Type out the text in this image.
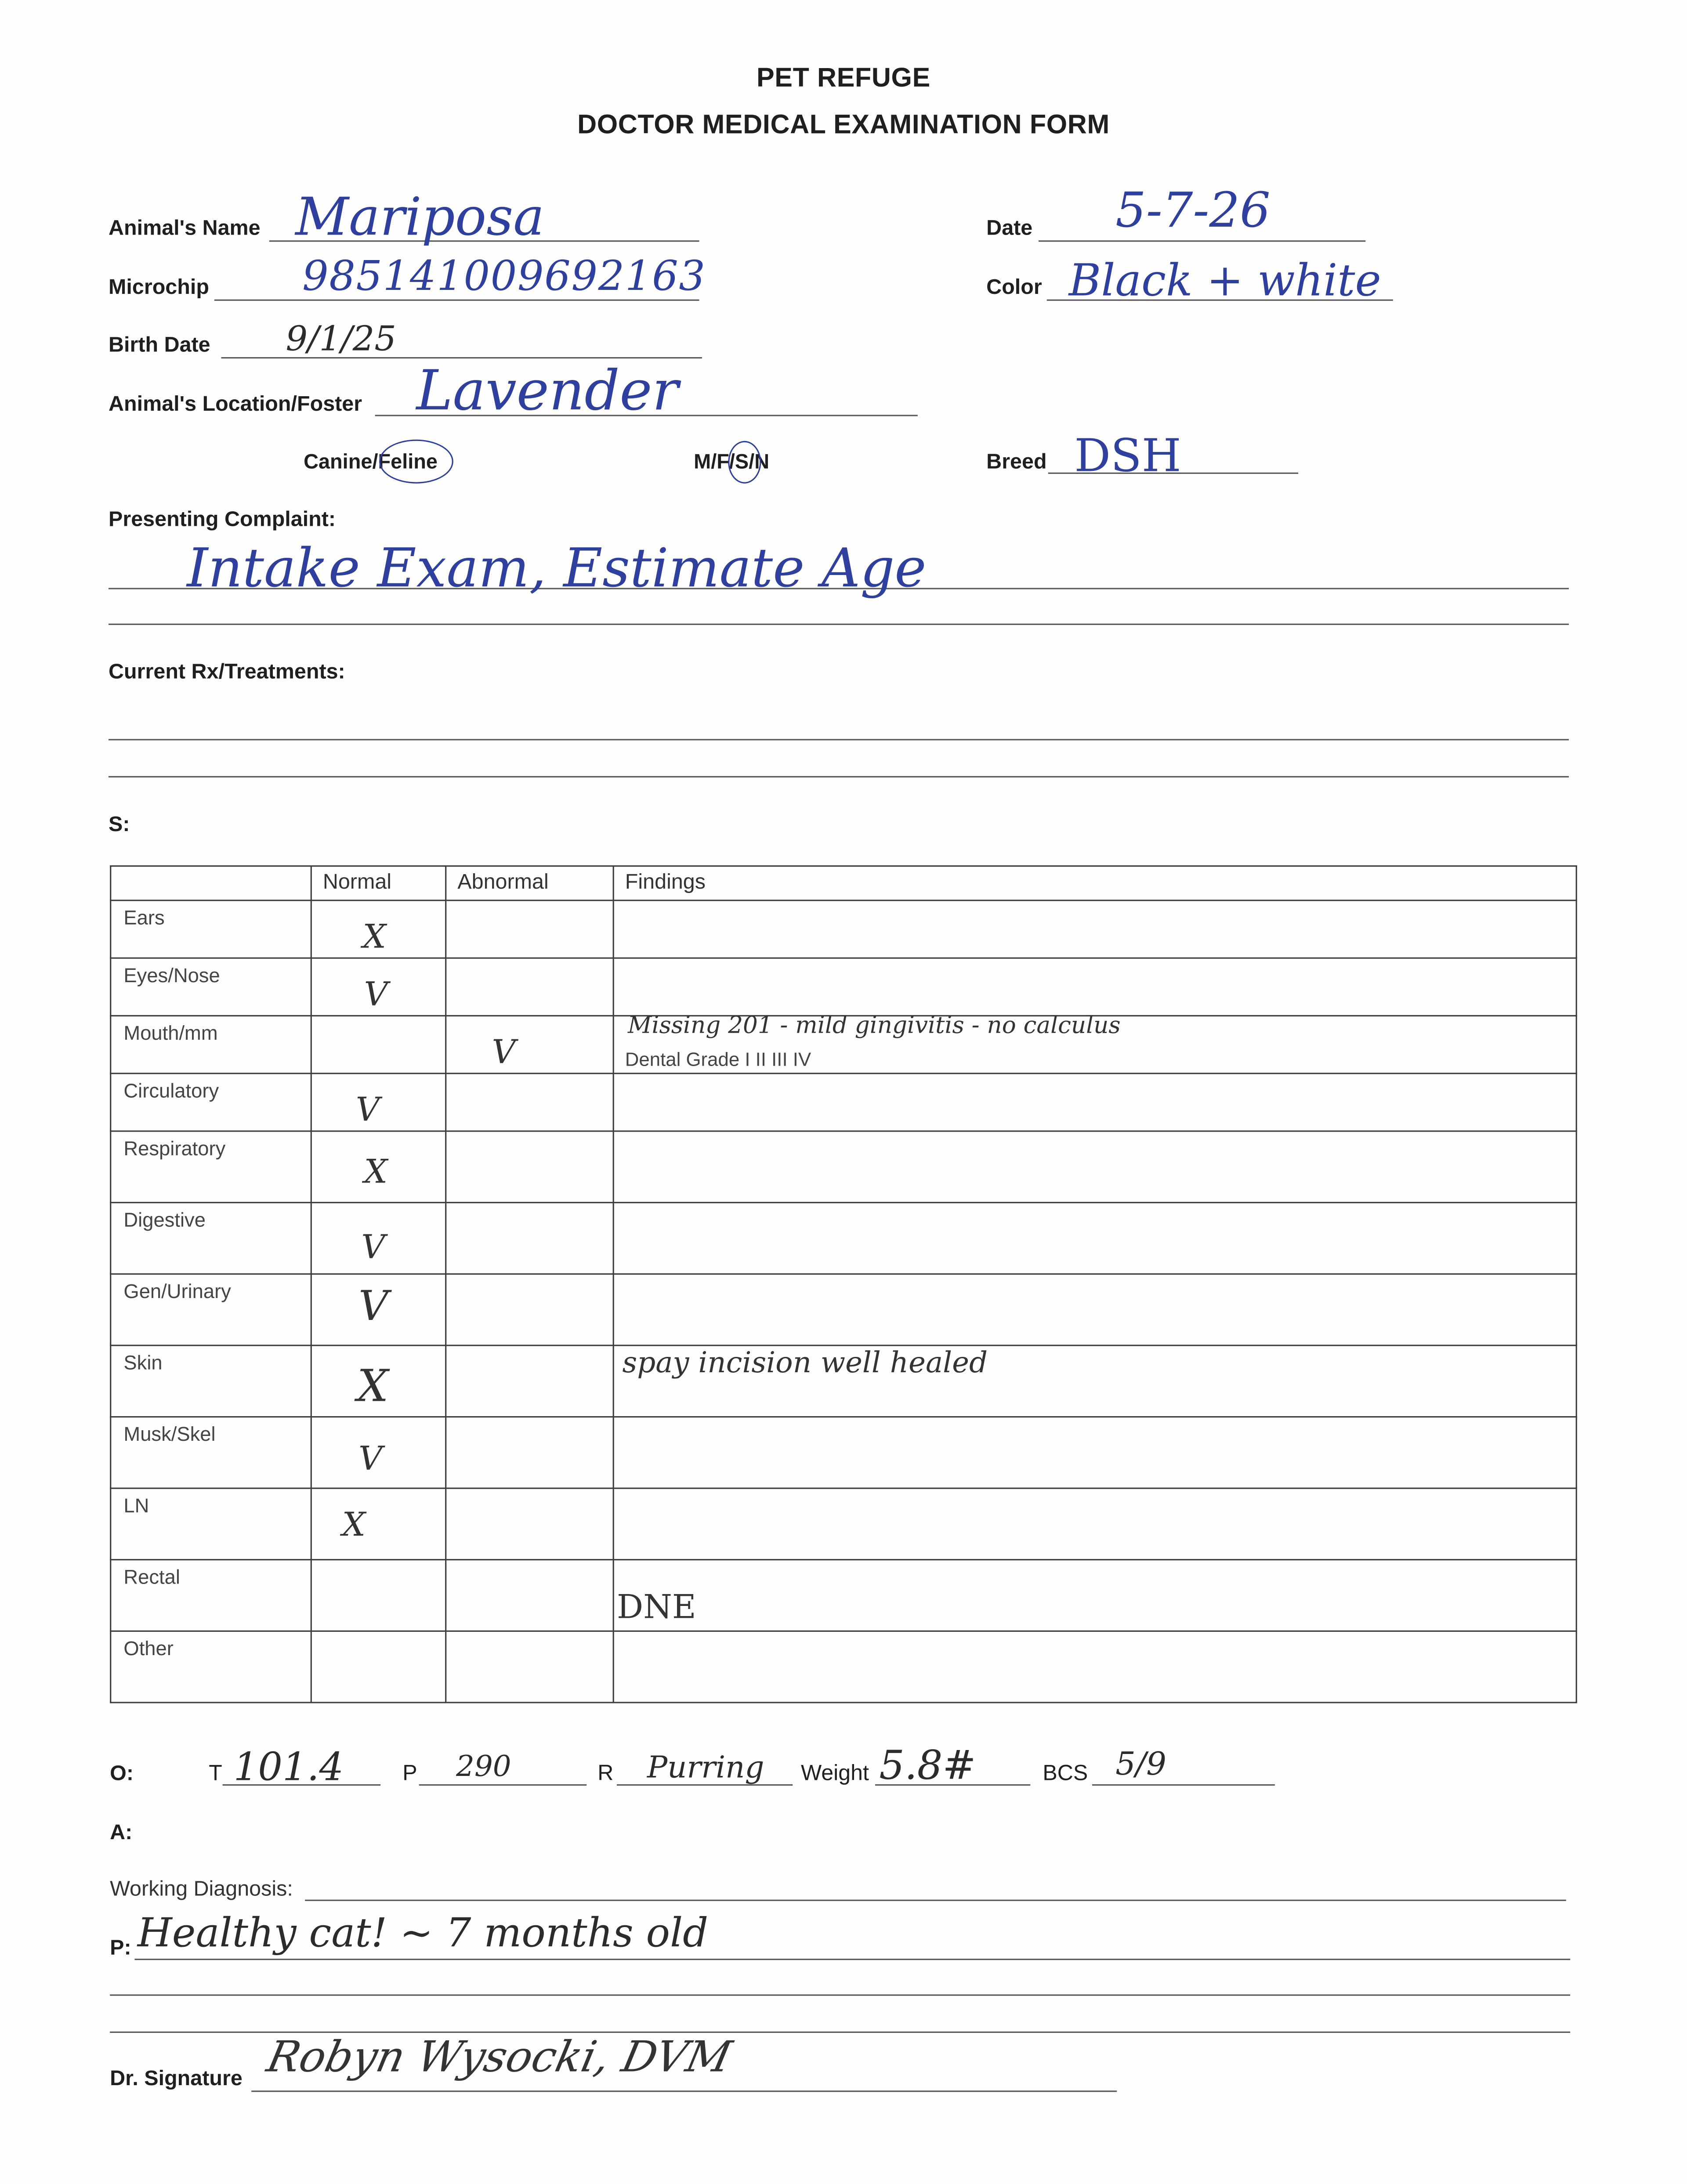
PET REFUGE
DOCTOR MEDICAL EXAMINATION FORM
Animal's Name Mariposa	Date	5-7-26
Microchip	985141009692163	Color Black + white
Birth Date	9/1/25
Animal's Location/Foster	Lavender
Canine/Feline	M/F/S/N	Breed DSH
Presenting Complaint:
Intake Exam, Estimate Age
Current Rx/Treatments:
S:
	Normal	Abnormal	Findings
Ears	X		

Eyes/Nose	V		

Mouth/mm		V	Missing 201 - mild gingivitis - no calculus
Dental Grade I II III IV

Circulatory	V		

Respiratory	X		

Digestive	V		

Gen/Urinary	V		

Skin	X		spay incision well healed

Musk/Skel	V		

LN	X		

Rectal			DNE

Other	

O:	T 101.4	P	290	R	Purring	Weight 5.8#	BCS	5/9
A:
Working Diagnosis:
P: Healthy cat! ~ 7 months old
Dr. Signature Robyn Wysocki, DVM
